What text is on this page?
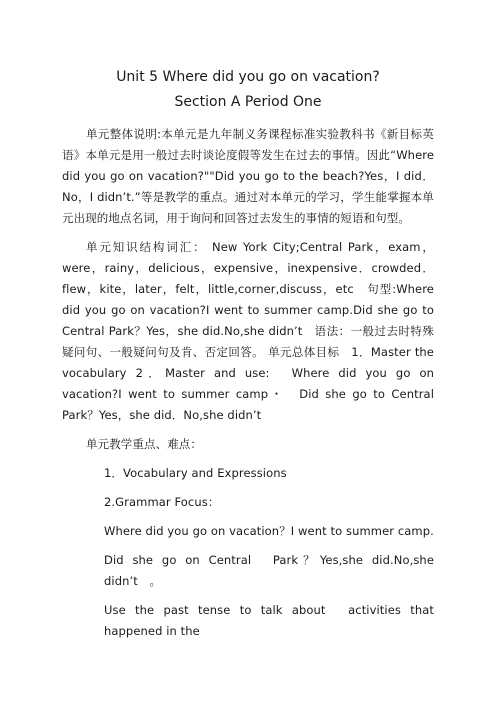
Unit 5 Where did you go on vacation?
Section A Period One

单元整体说明:本单元是九年制义务课程标准实验教科书《新目标英语》本单元是用一般过去时谈论度假等发生在过去的事情。因此“Where did you go on vacation?""Did you go to the beach?Yes，I did．No，I didn’t.”等是教学的重点。通过对本单元的学习，学生能掌握本单元出现的地点名词，用于询问和回答过去发生的事情的短语和句型。

单元知识结构词汇： New York City;Central Park，exam，were，rainy，delicious，expensive，inexpensive．crowded．flew，kite，later，felt，little,corner,discuss，etc　句型:Where did you go on vacation?I went to summer camp.Did she go to Central Park？Yes，she did.No,she didn’t　语法：一般过去时特殊疑问句、一般疑问句及肯、否定回答。 单元总体目标　1．Master the vocabulary 2．Master and use:　Where did you go on vacation?I went to summer camp・　Did she go to Central Park？Yes，she did．No,she didn’t

单元教学重点、难点：

1．Vocabulary and Expressions

2.Grammar Focus：

Where did you go on vacation？I went to summer camp.

Did she go on Central　Park？Yes,she did.No,she didn’t　。

Use the past tense to talk about　activities that happened in the
